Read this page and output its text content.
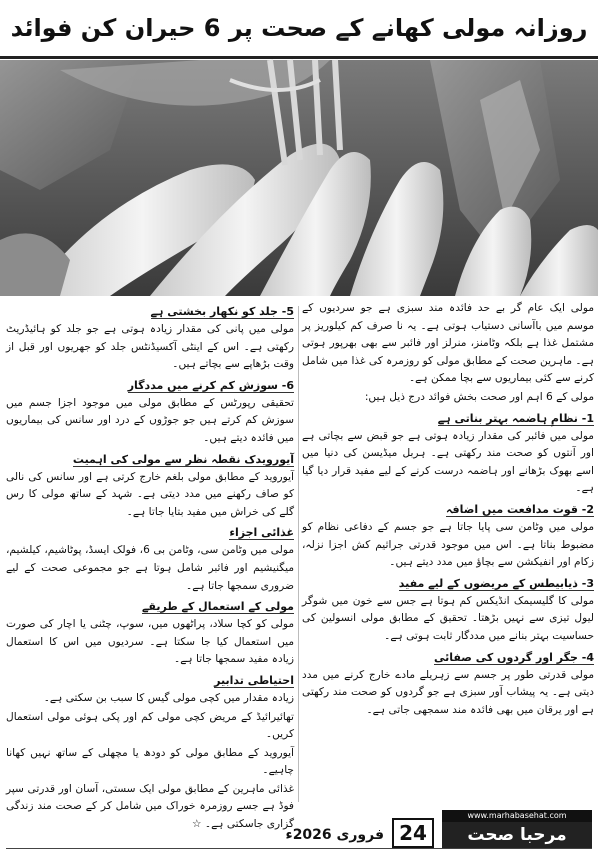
روزانہ مولی کھانے کے صحت پر 6 حیران کن فوائد

مولی ایک عام گر بے حد فائدہ مند سبزی ہے جو سردیوں کے موسم میں باآسانی دستیاب ہوتی ہے۔ یہ نا صرف کم کیلوریز پر مشتمل غذا ہے بلکہ وٹامنز، منرلز اور فائبر سے بھی بھرپور ہوتی ہے۔ ماہرین صحت کے مطابق مولی کو روزمرہ کی غذا میں شامل کرنے سے کئی بیماریوں سے بچا ممکن ہے۔

مولی کے 6 اہم اور صحت بخش فوائد درج ذیل ہیں:

1- نظامِ ہاضمہ بہتر بناتی ہے

مولی میں فائبر کی مقدار زیادہ ہوتی ہے جو قبض سے بچاتی ہے اور آنتوں کو صحت مند رکھتی ہے۔ ہربل میڈیسن کی دنیا میں اسے بھوک بڑھانے اور ہاضمہ درست کرنے کے لیے مفید قرار دیا گیا ہے۔

2- قوت مدافعت میں اضافہ

مولی میں وٹامن سی پایا جاتا ہے جو جسم کے دفاعی نظام کو مضبوط بناتا ہے۔ اس میں موجود قدرتی جراثیم کش اجزا نزلہ، زکام اور انفیکشن سے بچاؤ میں مدد دیتے ہیں۔

3- ذیابیطس کے مریضوں کے لیے مفید

مولی کا گلیسیمک انڈیکس کم ہوتا ہے جس سے خون میں شوگر لیول تیزی سے نہیں بڑھتا۔ تحقیق کے مطابق مولی انسولین کی حساسیت بہتر بنانے میں مددگار ثابت ہوتی ہے۔

4- جگر اور گردوں کی صفائی

مولی قدرتی طور پر جسم سے زہریلے مادے خارج کرنے میں مدد دیتی ہے۔ یہ پیشاب آور سبزی ہے جو گردوں کو صحت مند رکھتی ہے اور یرقان میں بھی فائدہ مند سمجھی جاتی ہے۔

5- جلد کو نکھار بخشتی ہے

مولی میں پانی کی مقدار زیادہ ہوتی ہے جو جلد کو ہائیڈریٹ رکھتی ہے۔ اس کے اینٹی آکسیڈنٹس جلد کو جھریوں اور قبل از وقت بڑھاپے سے بچاتے ہیں۔

6- سوزش کم کرنے میں مددگار

تحقیقی رپورٹس کے مطابق مولی میں موجود اجزا جسم میں سوزش کم کرتے ہیں جو جوڑوں کے درد اور سانس کی بیماریوں میں فائدہ دیتے ہیں۔

آیورویدک نقطہ نظر سے مولی کی اہمیت

آیوروید کے مطابق مولی بلغم خارج کرتی ہے اور سانس کی نالی کو صاف رکھنے میں مدد دیتی ہے۔ شہد کے ساتھ مولی کا رس گلے کی خراش میں مفید بتایا جاتا ہے۔

غذائی اجزاء

مولی میں وٹامن سی، وٹامن بی 6، فولک ایسڈ، پوٹاشیم، کیلشیم، میگنیشیم اور فائبر شامل ہوتا ہے جو مجموعی صحت کے لیے ضروری سمجھا جاتا ہے۔

مولی کے استعمال کے طریقے

مولی کو کچا سلاد، پراٹھوں میں، سوپ، چٹنی یا اچار کی صورت میں استعمال کیا جا سکتا ہے۔ سردیوں میں اس کا استعمال زیادہ مفید سمجھا جاتا ہے۔

احتیاطی تدابیر

زیادہ مقدار میں کچی مولی گیس کا سبب بن سکتی ہے۔

تھائیرائیڈ کے مریض کچی مولی کم اور پکی ہوئی مولی استعمال کریں۔

آیوروید کے مطابق مولی کو دودھ یا مچھلی کے ساتھ نہیں کھانا چاہیے۔

غذائی ماہرین کے مطابق مولی ایک سستی، آسان اور قدرتی سپر فوڈ ہے جسے روزمرہ خوراک میں شامل کر کے صحت مند زندگی گزاری جاسکتی ہے۔ ☆

www.marhabasehat.com
مرحبا صحت
24
فروری 2026ء
